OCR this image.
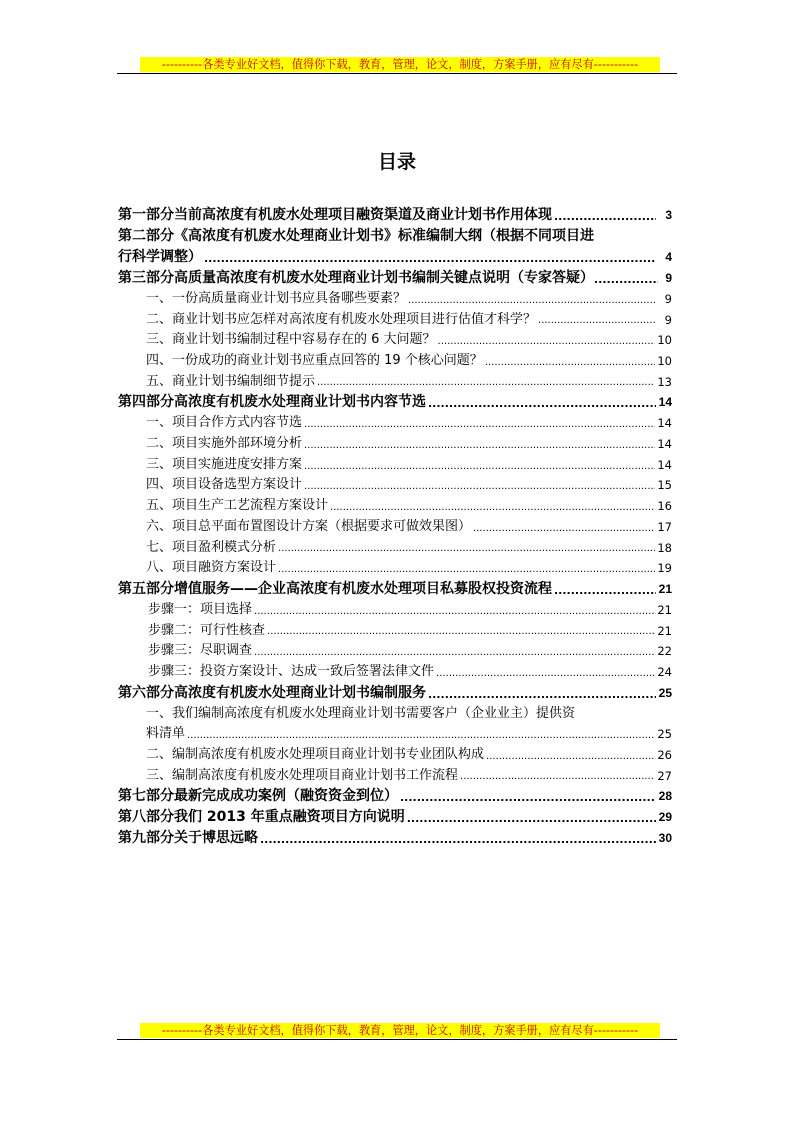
----------各类专业好文档，值得你下载，教育，管理，论文，制度，方案手册，应有尽有-----------
目录
第一部分当前高浓度有机废水处理项目融资渠道及商业计划书作用体现 .....	3
第二部分《高浓度有机废水处理商业计划书》标准编制大纲（根据不同项目进
行科学调整） .....	4
第三部分高质量高浓度有机废水处理商业计划书编制关键点说明（专家答疑） .....	9
一、一份高质量商业计划书应具备哪些要素？ .....	9
二、商业计划书应怎样对高浓度有机废水处理项目进行估值才科学？ .....	9
三、商业计划书编制过程中容易存在的 6 大问题？ .....	10
四、一份成功的商业计划书应重点回答的 19 个核心问题？ .....	10
五、商业计划书编制细节提示 .....	13
第四部分高浓度有机废水处理商业计划书内容节选 .....	14
一、项目合作方式内容节选 .....	14
二、项目实施外部环境分析 .....	14
三、项目实施进度安排方案 .....	14
四、项目设备选型方案设计 .....	15
五、项目生产工艺流程方案设计 .....	16
六、项目总平面布置图设计方案（根据要求可做效果图） .....	17
七、项目盈利模式分析 .....	18
八、项目融资方案设计 .....	19
第五部分增值服务——企业高浓度有机废水处理项目私募股权投资流程 .....	21
步骤一：项目选择 .....	21
步骤二：可行性核查 .....	21
步骤三：尽职调查 .....	22
步骤三：投资方案设计、达成一致后签署法律文件 .....	24
第六部分高浓度有机废水处理商业计划书编制服务 .....	25
一、我们编制高浓度有机废水处理商业计划书需要客户（企业业主）提供资
料清单 .....	25
二、编制高浓度有机废水处理项目商业计划书专业团队构成 .....	26
三、编制高浓度有机废水处理项目商业计划书工作流程 .....	27
第七部分最新完成成功案例（融资资金到位） .....	28
第八部分我们 2013 年重点融资项目方向说明 .....	29
第九部分关于博思远略 .....	30
----------各类专业好文档，值得你下载，教育，管理，论文，制度，方案手册，应有尽有-----------
